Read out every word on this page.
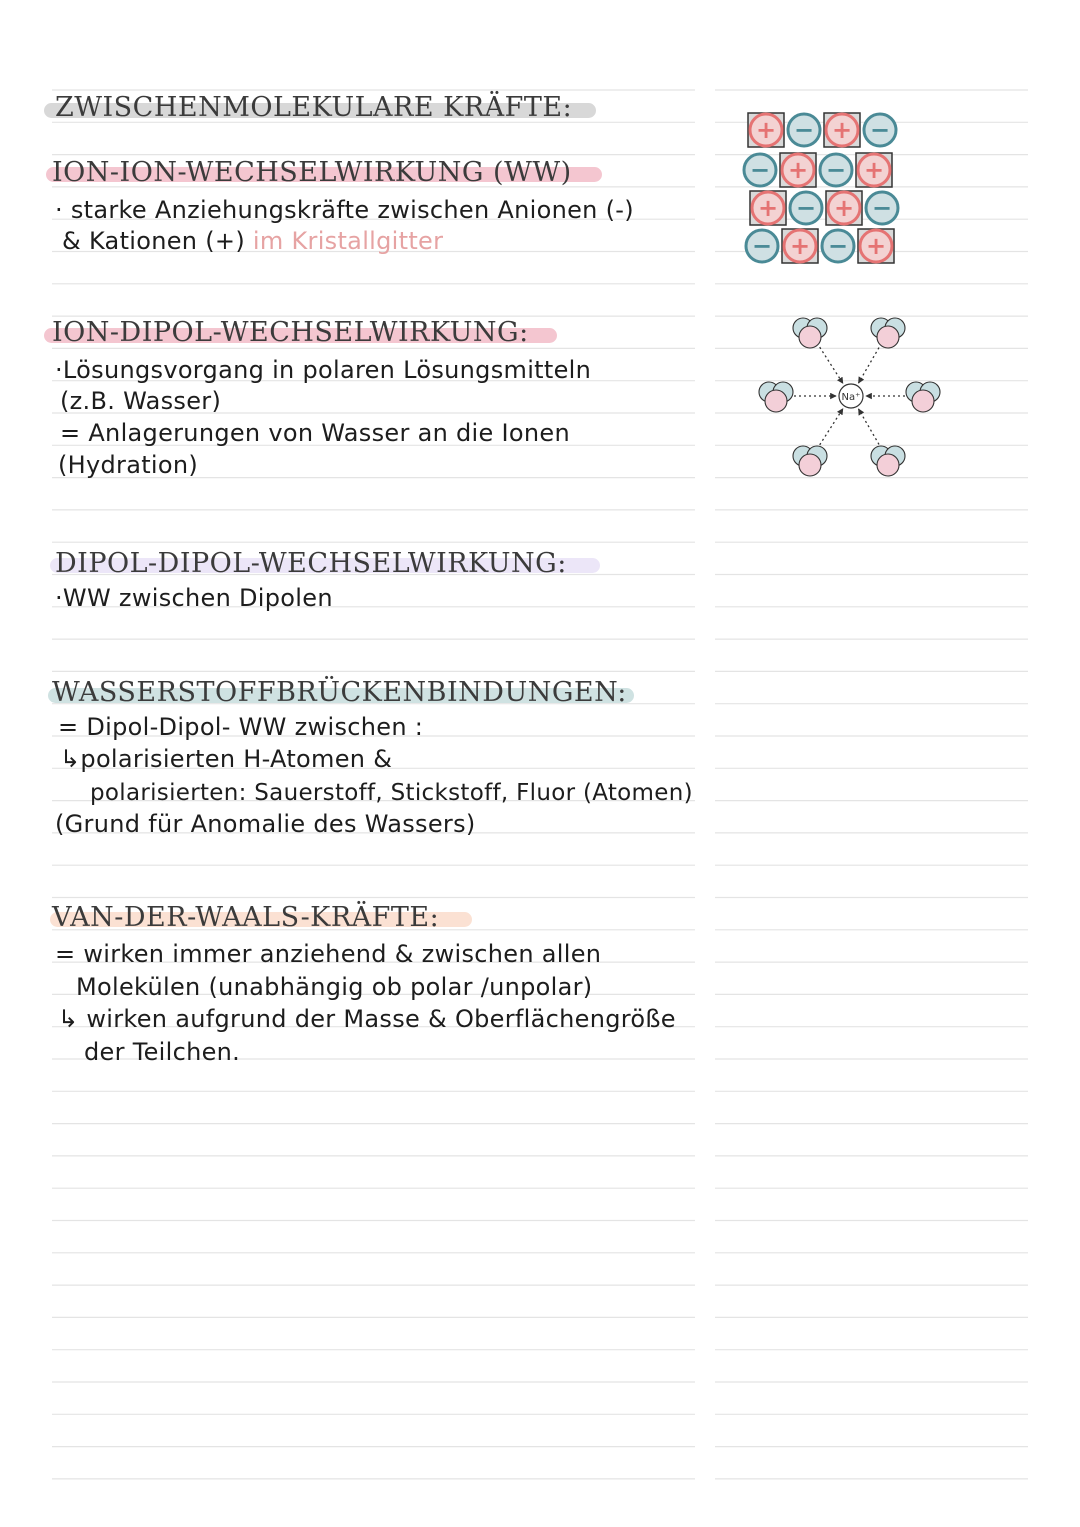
ZWISCHENMOLEKULARE KRÄFTE:
ION-ION-WECHSELWIRKUNG (WW)
· starke Anziehungskräfte zwischen Anionen (-)
& Kationen (+) im Kristallgitter
ION-DIPOL-WECHSELWIRKUNG:
·Lösungsvorgang in polaren Lösungsmitteln
(z.B. Wasser)
= Anlagerungen von Wasser an die Ionen
(Hydration)
DIPOL-DIPOL-WECHSELWIRKUNG:
·WW zwischen Dipolen
WASSERSTOFFBRÜCKENBINDUNGEN:
= Dipol-Dipol- WW zwischen :
↳polarisierten H-Atomen &
polarisierten: Sauerstoff, Stickstoff, Fluor (Atomen)
(Grund für Anomalie des Wassers)
VAN-DER-WAALS-KRÄFTE:
= wirken immer anziehend & zwischen allen
Molekülen (unabhängig ob polar /unpolar)
↳ wirken aufgrund der Masse & Oberflächengröße
der Teilchen.
+ − + −
− + − +
+ − + −
− + − +
Na⁺
